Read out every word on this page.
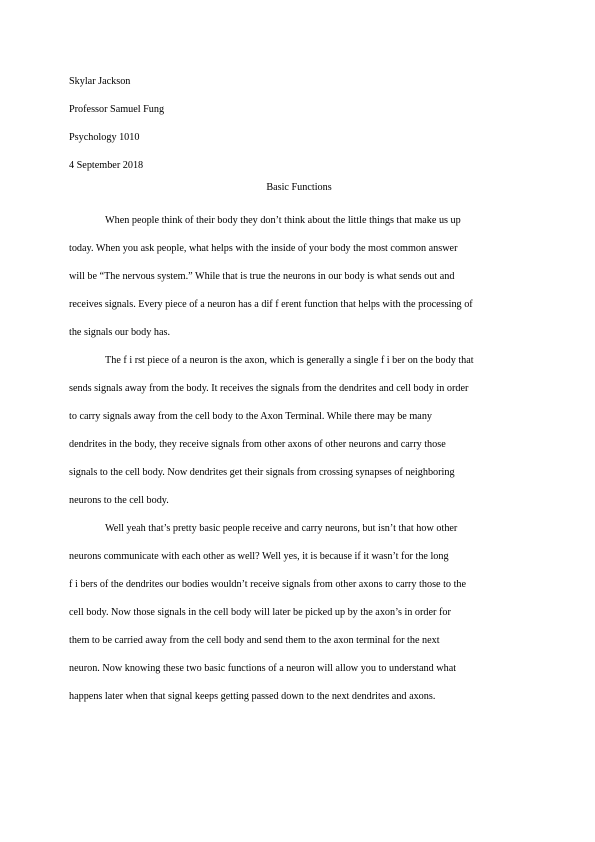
Skylar Jackson
Professor Samuel Fung
Psychology 1010
4 September 2018
Basic Functions
When people think of their body they don’t think about the little things that make us up
today. When you ask people, what helps with the inside of your body the most common answer
will be “The nervous system.” While that is true the neurons in our body is what sends out and
receives signals. Every piece of a neuron has a dif f erent function that helps with the processing of
the signals our body has.
The f i rst piece of a neuron is the axon, which is generally a single f i ber on the body that
sends signals away from the body. It receives the signals from the dendrites and cell body in order
to carry signals away from the cell body to the Axon Terminal. While there may be many
dendrites in the body, they receive signals from other axons of other neurons and carry those
signals to the cell body. Now dendrites get their signals from crossing synapses of neighboring
neurons to the cell body.
Well yeah that’s pretty basic people receive and carry neurons, but isn’t that how other
neurons communicate with each other as well? Well yes, it is because if it wasn’t for the long
f i bers of the dendrites our bodies wouldn’t receive signals from other axons to carry those to the
cell body. Now those signals in the cell body will later be picked up by the axon’s in order for
them to be carried away from the cell body and send them to the axon terminal for the next
neuron. Now knowing these two basic functions of a neuron will allow you to understand what
happens later when that signal keeps getting passed down to the next dendrites and axons.
